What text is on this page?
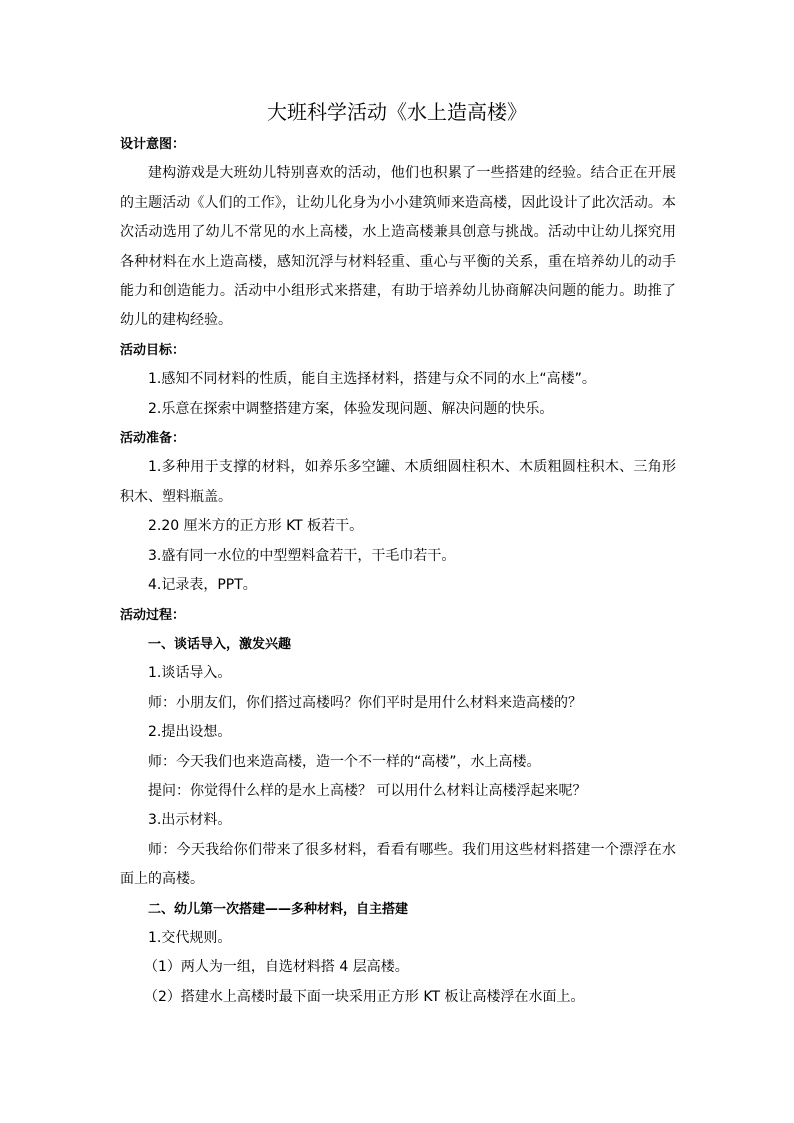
大班科学活动《水上造高楼》

设计意图：

建构游戏是大班幼儿特别喜欢的活动，他们也积累了一些搭建的经验。结合正在开展的主题活动《人们的工作》，让幼儿化身为小小建筑师来造高楼，因此设计了此次活动。本次活动选用了幼儿不常见的水上高楼，水上造高楼兼具创意与挑战。活动中让幼儿探究用各种材料在水上造高楼，感知沉浮与材料轻重、重心与平衡的关系，重在培养幼儿的动手能力和创造能力。活动中小组形式来搭建，有助于培养幼儿协商解决问题的能力。助推了幼儿的建构经验。

活动目标：

1.感知不同材料的性质，能自主选择材料，搭建与众不同的水上“高楼”。

2.乐意在探索中调整搭建方案，体验发现问题、解决问题的快乐。

活动准备：

1.多种用于支撑的材料，如养乐多空罐、木质细圆柱积木、木质粗圆柱积木、三角形积木、塑料瓶盖。

2.20 厘米方的正方形 KT 板若干。

3.盛有同一水位的中型塑料盒若干，干毛巾若干。

4.记录表，PPT。

活动过程：

一、谈话导入，激发兴趣

1.谈话导入。

师：小朋友们，你们搭过高楼吗？你们平时是用什么材料来造高楼的？

2.提出设想。

师：今天我们也来造高楼，造一个不一样的“高楼”，水上高楼。

提问：你觉得什么样的是水上高楼？ 可以用什么材料让高楼浮起来呢？

3.出示材料。

师：今天我给你们带来了很多材料，看看有哪些。我们用这些材料搭建一个漂浮在水面上的高楼。

二、幼儿第一次搭建——多种材料，自主搭建

1.交代规则。

（1）两人为一组，自选材料搭 4 层高楼。

（2）搭建水上高楼时最下面一块采用正方形 KT 板让高楼浮在水面上。
